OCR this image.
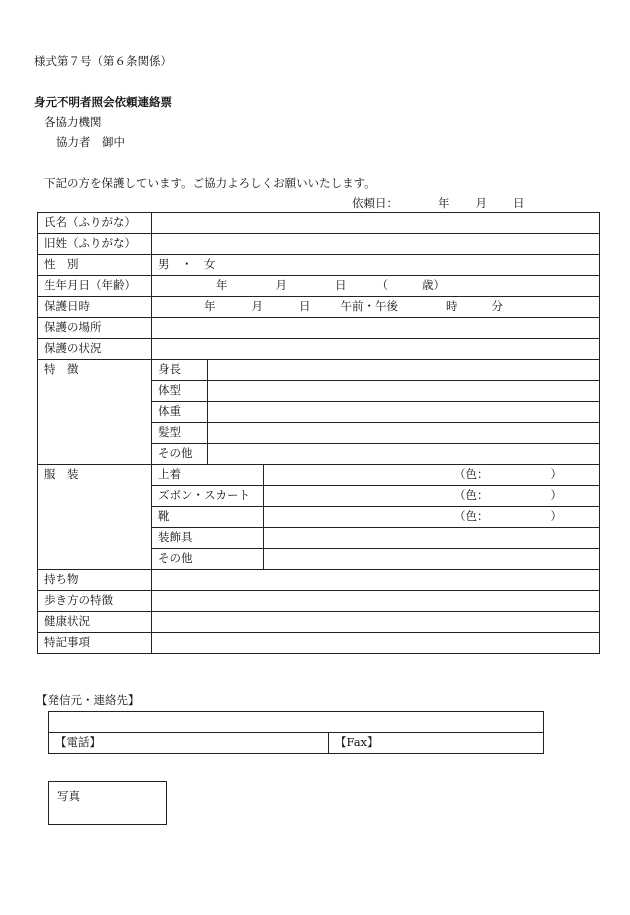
様式第７号（第６条関係）
身元不明者照会依頼連絡票
各協力機関
協力者　御中
下記の方を保護しています。ご協力よろしくお願いいたします。
依頼日：	年 月 日
氏名（ふりがな）			
旧姓（ふりがな）			
性　別	男　・　女		
生年月日（年齢）	年 月 日 （ 歳）		
保護日時	年 月 日 午前・午後 時 分		
保護の場所			
保護の状況			
特　徴	身長		
	体型		
	体重		
	髪型		
	その他		
服　装	上着		（色： ）
	ズボン・スカート		（色： ）
	靴		（色： ）
	装飾具		
	その他		
持ち物			
歩き方の特徴			
健康状況			
特記事項			
【発信元・連絡先】

【電話】	【Fax】
写真
